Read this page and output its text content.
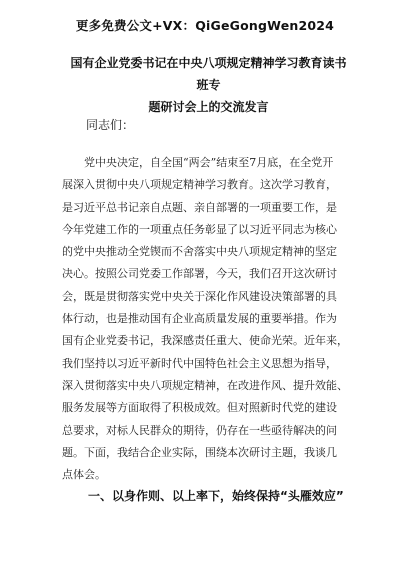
更多免费公文+VX：QiGeGongWen2024
国有企业党委书记在中央八项规定精神学习教育读书班专
题研讨会上的交流发言
同志们：
党中央决定，自全国“两会”结束至7月底，在全党开
展深入贯彻中央八项规定精神学习教育。这次学习教育，
是习近平总书记亲自点题、亲自部署的一项重要工作，是
今年党建工作的一项重点任务彰显了以习近平同志为核心
的党中央推动全党锲而不舍落实中央八项规定精神的坚定
决心。按照公司党委工作部署，今天，我们召开这次研讨
会，既是贯彻落实党中央关于深化作风建设决策部署的具
体行动，也是推动国有企业高质量发展的重要举措。作为
国有企业党委书记，我深感责任重大、使命光荣。近年来，
我们坚持以习近平新时代中国特色社会主义思想为指导，
深入贯彻落实中央八项规定精神，在改进作风、提升效能、
服务发展等方面取得了积极成效。但对照新时代党的建设
总要求，对标人民群众的期待，仍存在一些亟待解决的问
题。下面，我结合企业实际，围绕本次研讨主题，我谈几
点体会。
一、以身作则、以上率下，始终保持“头雁效应”
